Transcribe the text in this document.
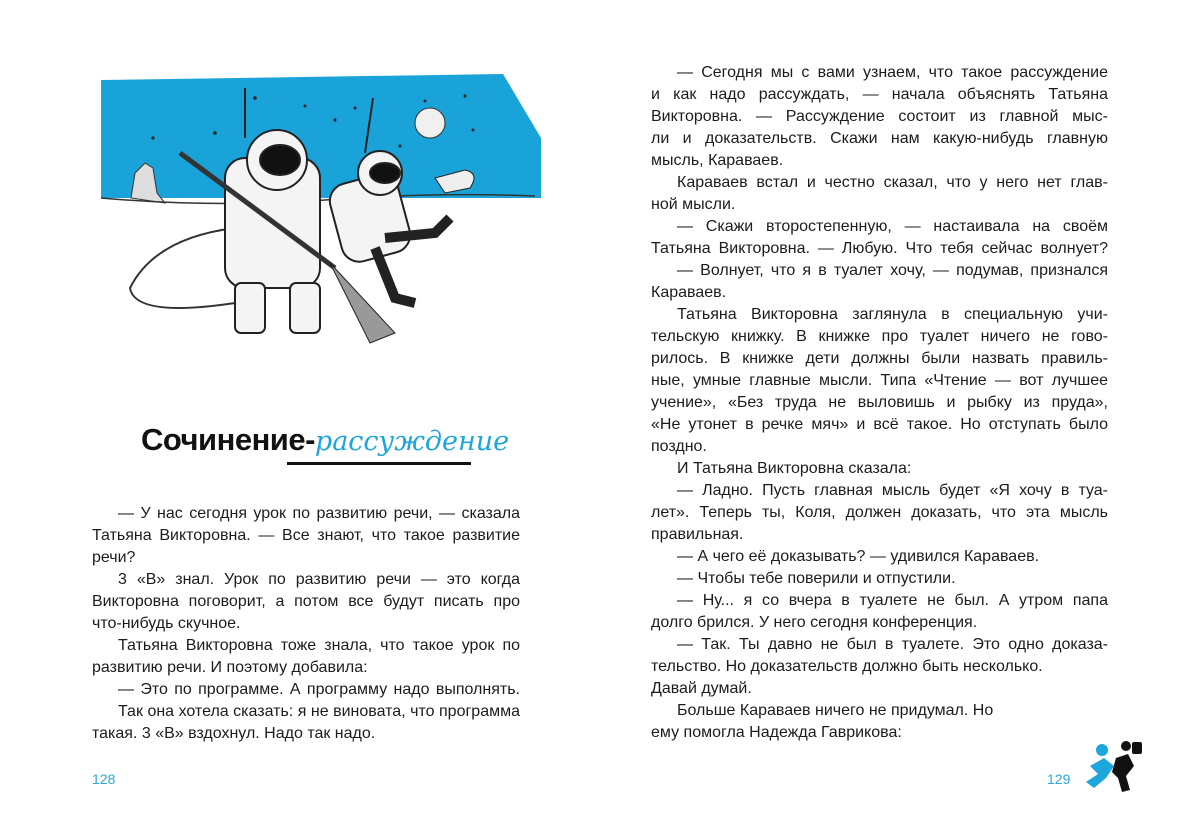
Сочинение-рассуждение
— У нас сегодня урок по развитию речи, — сказала
Татьяна Викторовна. — Все знают, что такое развитие
речи?
3 «В» знал. Урок по развитию речи — это когда
Викторовна поговорит, а потом все будут писать про
что-нибудь скучное.
Татьяна Викторовна тоже знала, что такое урок по
развитию речи. И поэтому добавила:
— Это по программе. А программу надо выполнять.
Так она хотела сказать: я не виновата, что программа
такая. 3 «В» вздохнул. Надо так надо.
— Сегодня мы с вами узнаем, что такое рассуждение
и как надо рассуждать, — начала объяснять Татьяна
Викторовна. — Рассуждение состоит из главной мыс-
ли и доказательств. Скажи нам какую-нибудь главную
мысль, Караваев.
Караваев встал и честно сказал, что у него нет глав-
ной мысли.
— Скажи второстепенную, — настаивала на своём
Татьяна Викторовна. — Любую. Что тебя сейчас волнует?
— Волнует, что я в туалет хочу, — подумав, признался
Караваев.
Татьяна Викторовна заглянула в специальную учи-
тельскую книжку. В книжке про туалет ничего не гово-
рилось. В книжке дети должны были назвать правиль-
ные, умные главные мысли. Типа «Чтение — вот лучшее
учение», «Без труда не выловишь и рыбку из пруда»,
«Не утонет в речке мяч» и всё такое. Но отступать было
поздно.
И Татьяна Викторовна сказала:
— Ладно. Пусть главная мысль будет «Я хочу в туа-
лет». Теперь ты, Коля, должен доказать, что эта мысль
правильная.
— А чего её доказывать? — удивился Караваев.
— Чтобы тебе поверили и отпустили.
— Ну... я со вчера в туалете не был. А утром папа
долго брился. У него сегодня конференция.
— Так. Ты давно не был в туалете. Это одно доказа-
тельство. Но доказательств должно быть несколько.
Давай думай.
Больше Караваев ничего не придумал. Но
ему помогла Надежда Гаврикова:
128	129
